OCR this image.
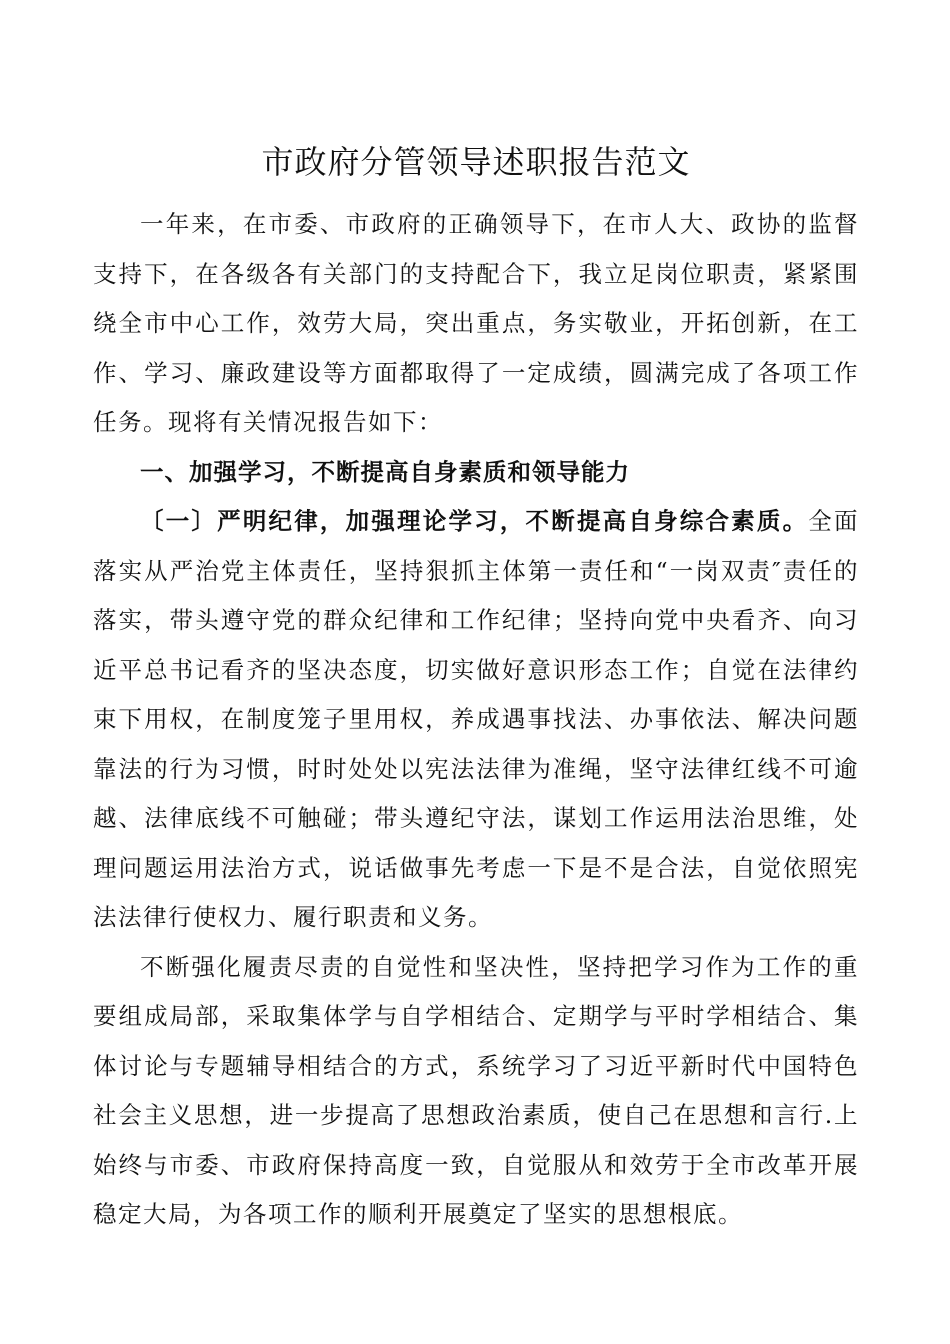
市政府分管领导述职报告范文

一年来，在市委、市政府的正确领导下，在市人大、政协的监督支持下，在各级各有关部门的支持配合下，我立足岗位职责，紧紧围绕全市中心工作，效劳大局，突出重点，务实敬业，开拓创新，在工作、学习、廉政建设等方面都取得了一定成绩，圆满完成了各项工作任务。现将有关情况报告如下：

一、加强学习，不断提高自身素质和领导能力

〔一〕严明纪律，加强理论学习，不断提高自身综合素质。全面落实从严治党主体责任，坚持狠抓主体第一责任和“一岗双责″责任的落实，带头遵守党的群众纪律和工作纪律；坚持向党中央看齐、向习近平总书记看齐的坚决态度，切实做好意识形态工作；自觉在法律约束下用权，在制度笼子里用权，养成遇事找法、办事依法、解决问题靠法的行为习惯，时时处处以宪法法律为准绳，坚守法律红线不可逾越、法律底线不可触碰；带头遵纪守法，谋划工作运用法治思维，处理问题运用法治方式，说话做事先考虑一下是不是合法，自觉依照宪法法律行使权力、履行职责和义务。

不断强化履责尽责的自觉性和坚决性，坚持把学习作为工作的重要组成局部，采取集体学与自学相结合、定期学与平时学相结合、集体讨论与专题辅导相结合的方式，系统学习了习近平新时代中国特色社会主义思想，进一步提高了思想政治素质，使自己在思想和言行.上始终与市委、市政府保持高度一致，自觉服从和效劳于全市改革开展稳定大局，为各项工作的顺利开展奠定了坚实的思想根底。
